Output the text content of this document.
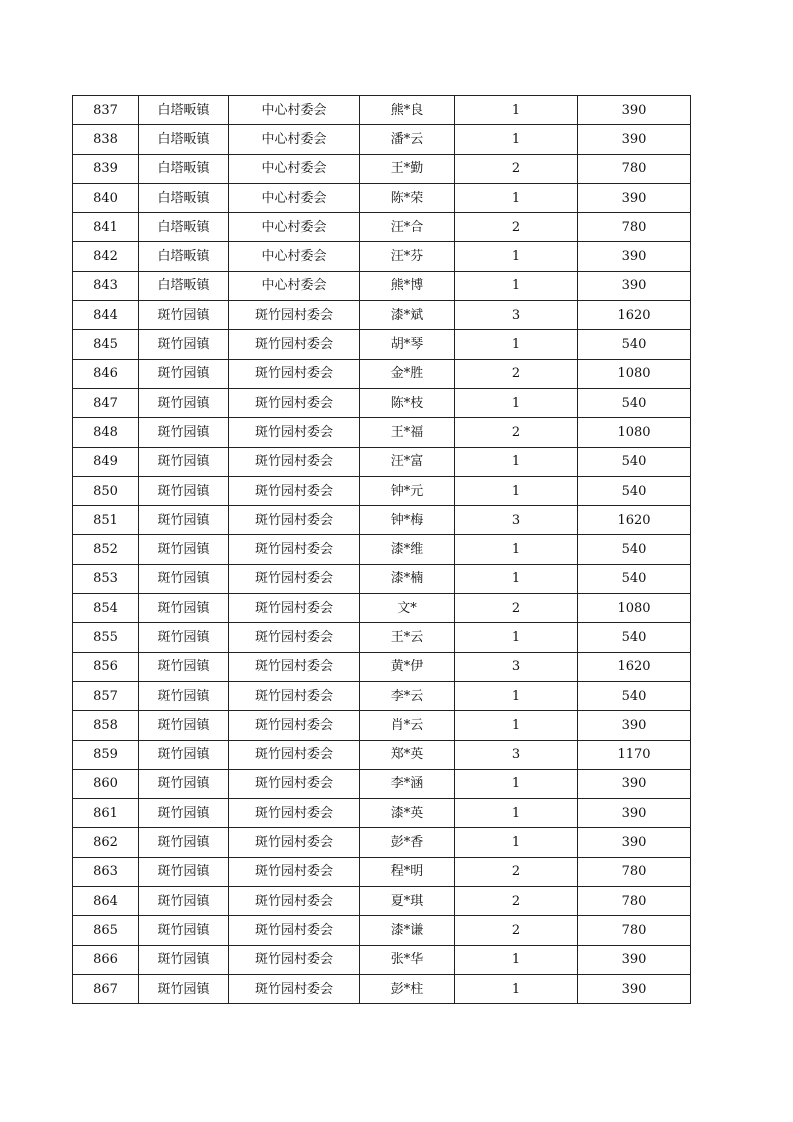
837	白塔畈镇	中心村委会	熊*良	1	390
838	白塔畈镇	中心村委会	潘*云	1	390
839	白塔畈镇	中心村委会	王*勤	2	780
840	白塔畈镇	中心村委会	陈*荣	1	390
841	白塔畈镇	中心村委会	汪*合	2	780
842	白塔畈镇	中心村委会	汪*芬	1	390
843	白塔畈镇	中心村委会	熊*博	1	390
844	斑竹园镇	斑竹园村委会	漆*斌	3	1620
845	斑竹园镇	斑竹园村委会	胡*琴	1	540
846	斑竹园镇	斑竹园村委会	金*胜	2	1080
847	斑竹园镇	斑竹园村委会	陈*枝	1	540
848	斑竹园镇	斑竹园村委会	王*福	2	1080
849	斑竹园镇	斑竹园村委会	汪*富	1	540
850	斑竹园镇	斑竹园村委会	钟*元	1	540
851	斑竹园镇	斑竹园村委会	钟*梅	3	1620
852	斑竹园镇	斑竹园村委会	漆*维	1	540
853	斑竹园镇	斑竹园村委会	漆*楠	1	540
854	斑竹园镇	斑竹园村委会	文*	2	1080
855	斑竹园镇	斑竹园村委会	王*云	1	540
856	斑竹园镇	斑竹园村委会	黄*伊	3	1620
857	斑竹园镇	斑竹园村委会	李*云	1	540
858	斑竹园镇	斑竹园村委会	肖*云	1	390
859	斑竹园镇	斑竹园村委会	郑*英	3	1170
860	斑竹园镇	斑竹园村委会	李*涵	1	390
861	斑竹园镇	斑竹园村委会	漆*英	1	390
862	斑竹园镇	斑竹园村委会	彭*香	1	390
863	斑竹园镇	斑竹园村委会	程*明	2	780
864	斑竹园镇	斑竹园村委会	夏*琪	2	780
865	斑竹园镇	斑竹园村委会	漆*谦	2	780
866	斑竹园镇	斑竹园村委会	张*华	1	390
867	斑竹园镇	斑竹园村委会	彭*柱	1	390
